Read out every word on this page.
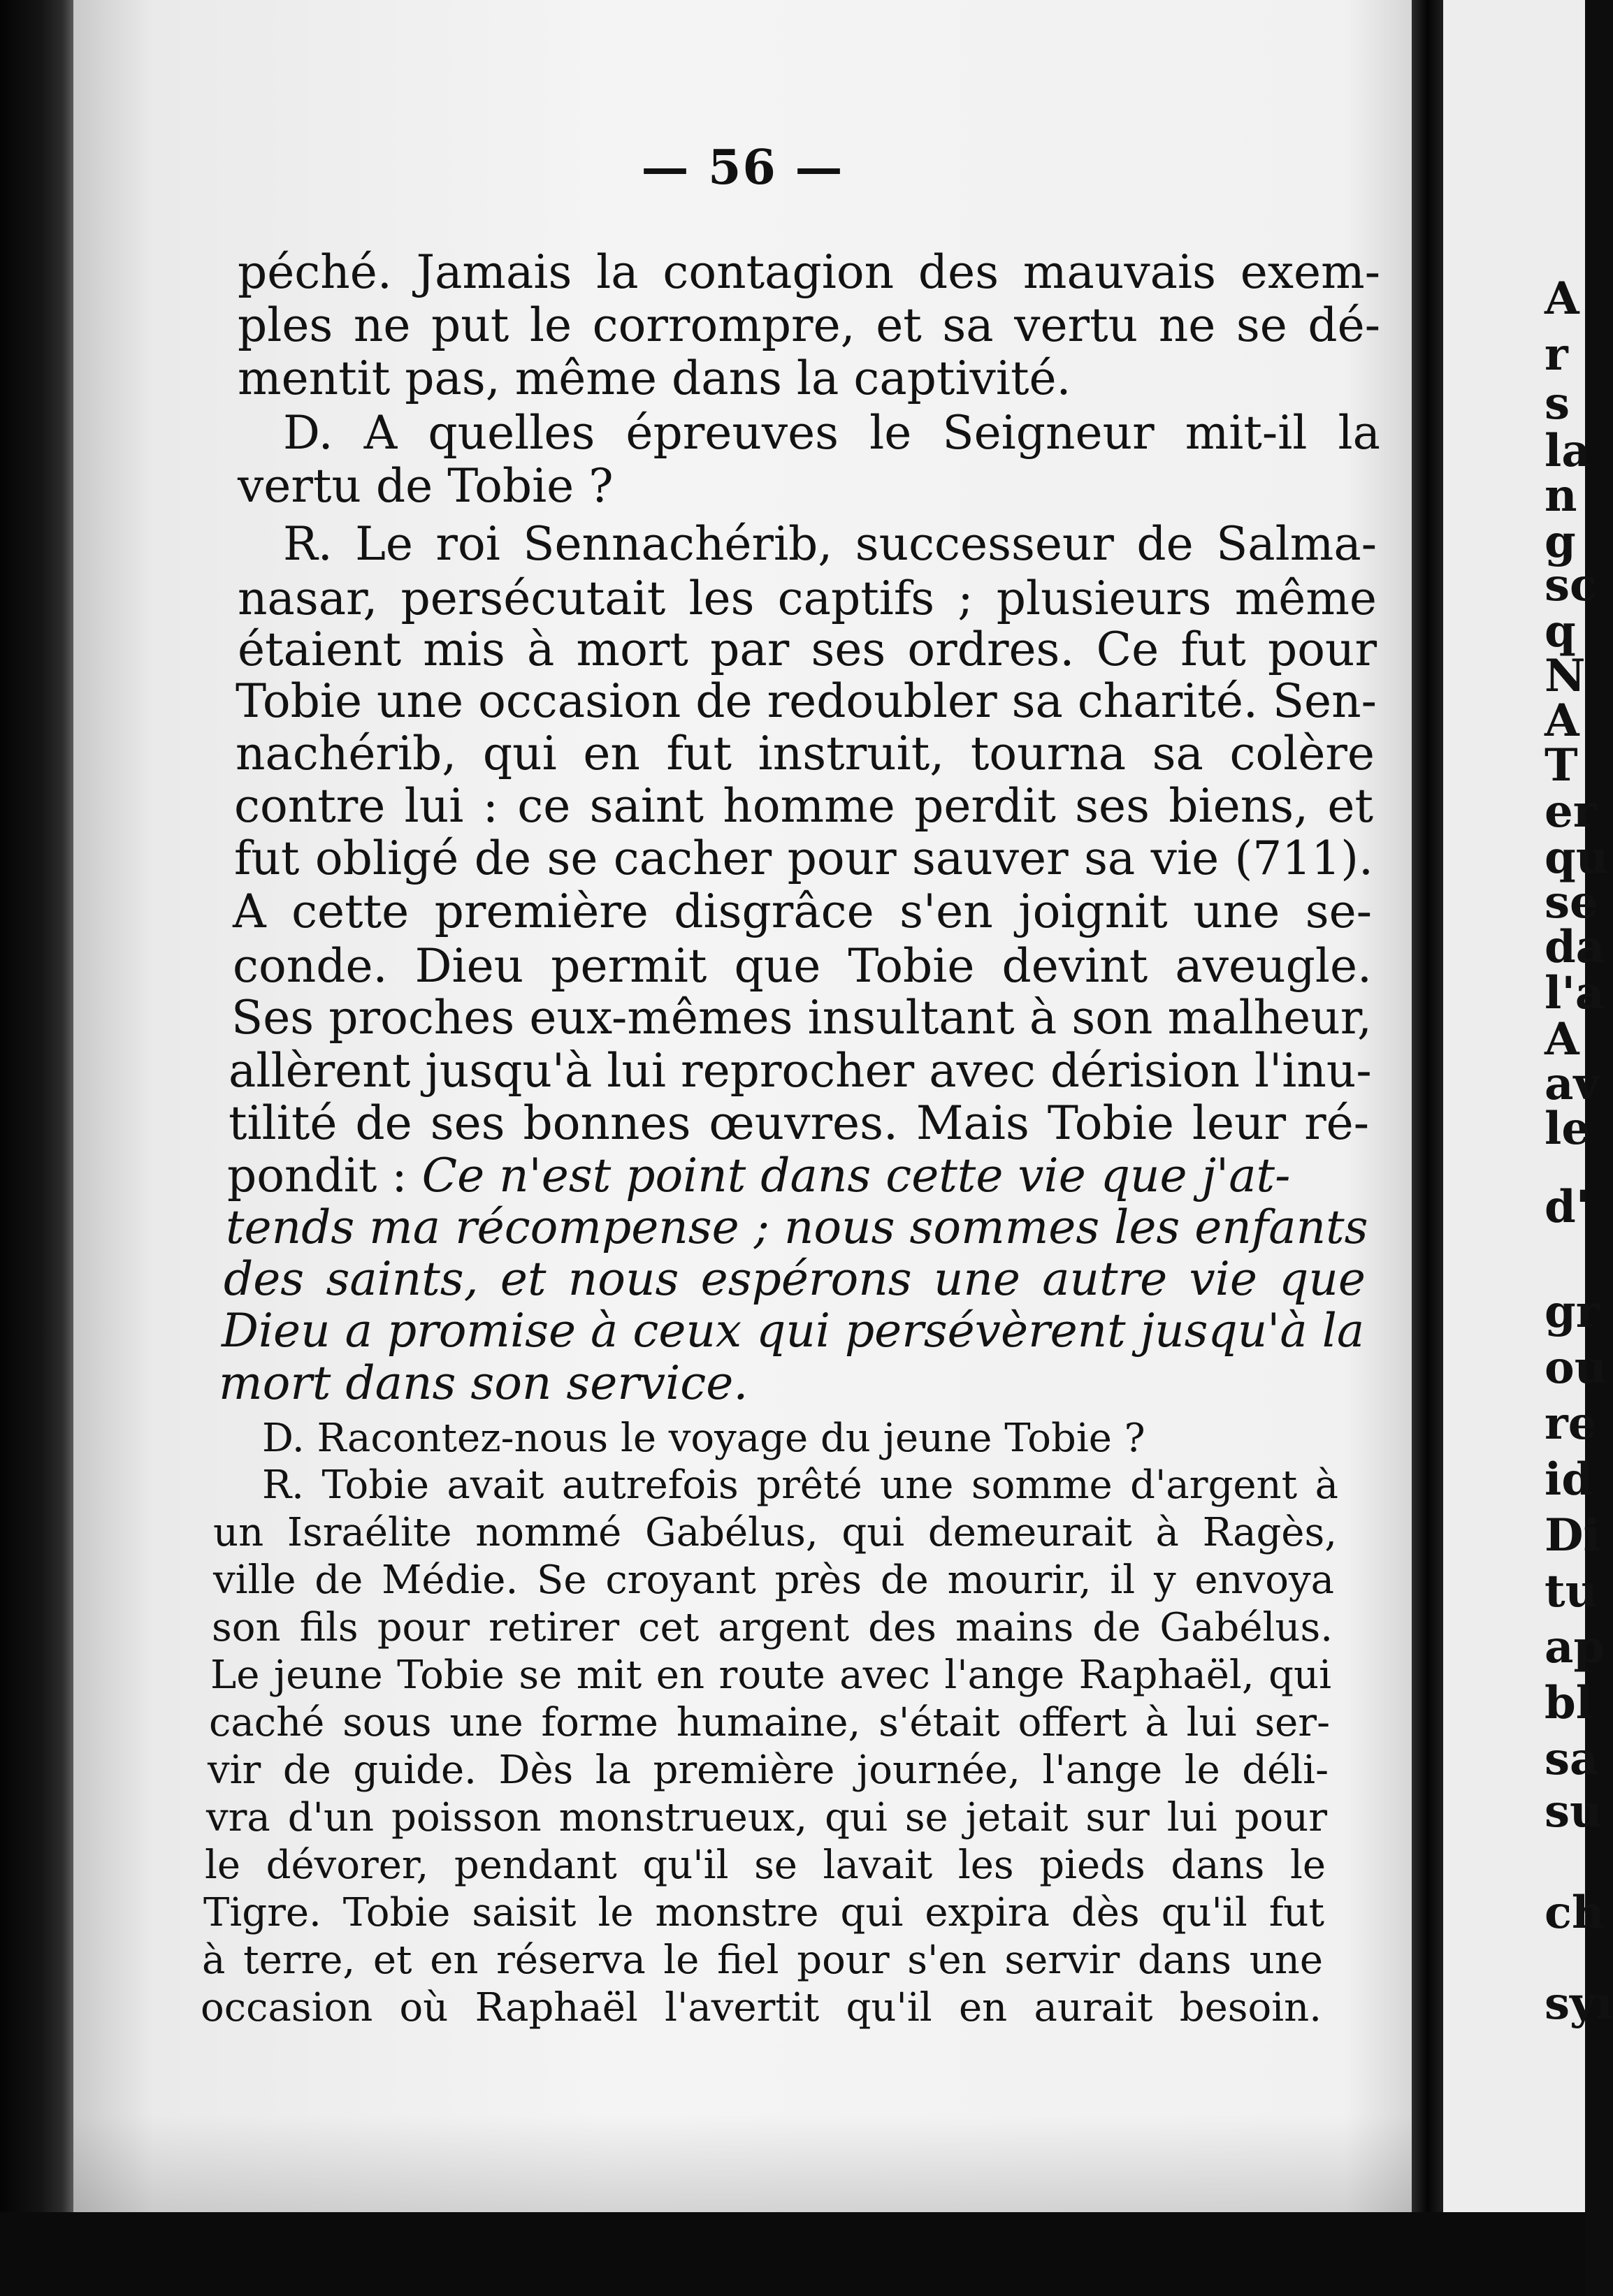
— 56 —
péché. Jamais la contagion des mauvais exem-
ples ne put le corrompre, et sa vertu ne se dé-
mentit pas, même dans la captivité.
D. A quelles épreuves le Seigneur mit-il la
vertu de Tobie ?
R. Le roi Sennachérib, successeur de Salma-
nasar, persécutait les captifs ; plusieurs même
étaient mis à mort par ses ordres. Ce fut pour
Tobie une occasion de redoubler sa charité. Sen-
nachérib, qui en fut instruit, tourna sa colère
contre lui : ce saint homme perdit ses biens, et
fut obligé de se cacher pour sauver sa vie (711).
A cette première disgrâce s'en joignit une se-
conde. Dieu permit que Tobie devint aveugle.
Ses proches eux-mêmes insultant à son malheur,
allèrent jusqu'à lui reprocher avec dérision l'inu-
tilité de ses bonnes œuvres. Mais Tobie leur ré-
pondit : Ce n'est point dans cette vie que j'at-
tends ma récompense ; nous sommes les enfants
des saints, et nous espérons une autre vie que
Dieu a promise à ceux qui persévèrent jusqu'à la
mort dans son service.
D. Racontez-nous le voyage du jeune Tobie ?
R. Tobie avait autrefois prêté une somme d'argent à
un Israélite nommé Gabélus, qui demeurait à Ragès,
ville de Médie. Se croyant près de mourir, il y envoya
son fils pour retirer cet argent des mains de Gabélus.
Le jeune Tobie se mit en route avec l'ange Raphaël, qui
caché sous une forme humaine, s'était offert à lui ser-
vir de guide. Dès la première journée, l'ange le déli-
vra d'un poisson monstrueux, qui se jetait sur lui pour
le dévorer, pendant qu'il se lavait les pieds dans le
Tigre. Tobie saisit le monstre qui expira dès qu'il fut
à terre, et en réserva le fiel pour s'en servir dans une
occasion où Raphaël l'avertit qu'il en aurait besoin.
A
r
s
la
n
g
sc
q
N
A
T
er
qu
se
da
l'a
A
av
le
d'
gr
ou
re
id
Di
tu
ap
bl
sa
su
ch
syı
